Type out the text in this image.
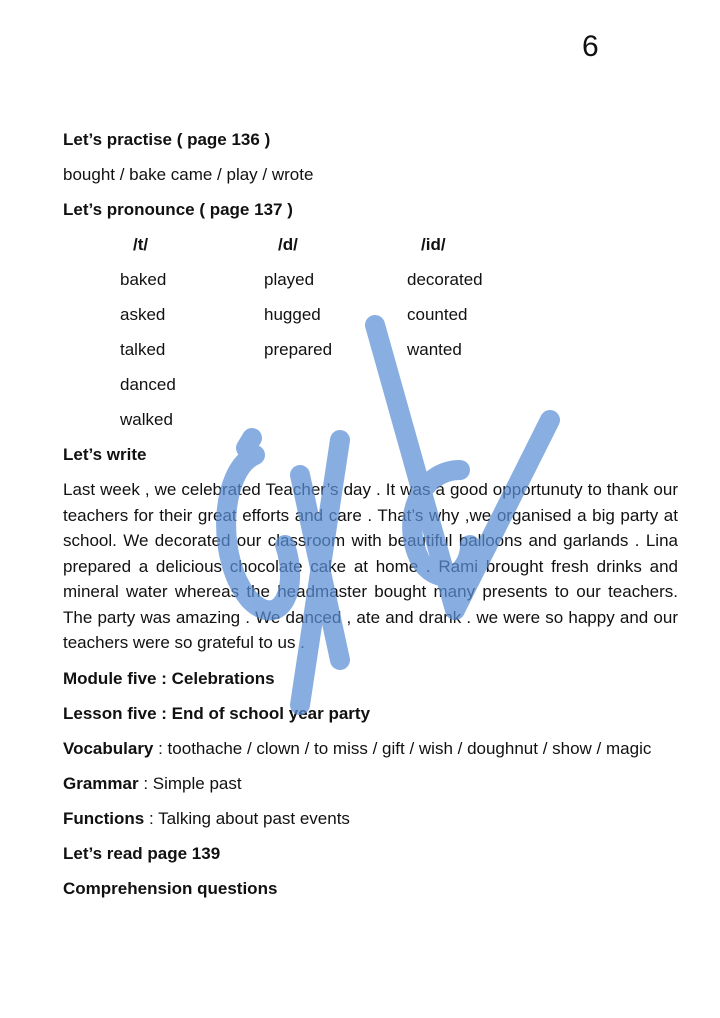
6
Let’s practise ( page 136 )
bought / bake came / play / wrote
Let’s pronounce ( page 137 )
/t/	/d/	/id/
baked	played	decorated
asked	hugged	counted
talked	prepared	wanted
danced
walked
Let’s write
Last week , we celebrated Teacher’s day . It was a good opportunuty to thank our teachers for their great efforts and care . That’s why ,we organised a big party at school. We decorated our classroom with beautiful balloons and garlands . Lina prepared a delicious chocolate cake at home . Rami brought fresh drinks and mineral water whereas the headmaster bought many presents to our teachers. The party was amazing . We danced , ate and drank . we were so happy and our teachers were so grateful to us .
Module five : Celebrations
Lesson five : End of school year party
Vocabulary : toothache / clown / to miss / gift / wish / doughnut / show / magic
Grammar : Simple past
Functions : Talking about past events
Let’s read page 139
Comprehension questions
